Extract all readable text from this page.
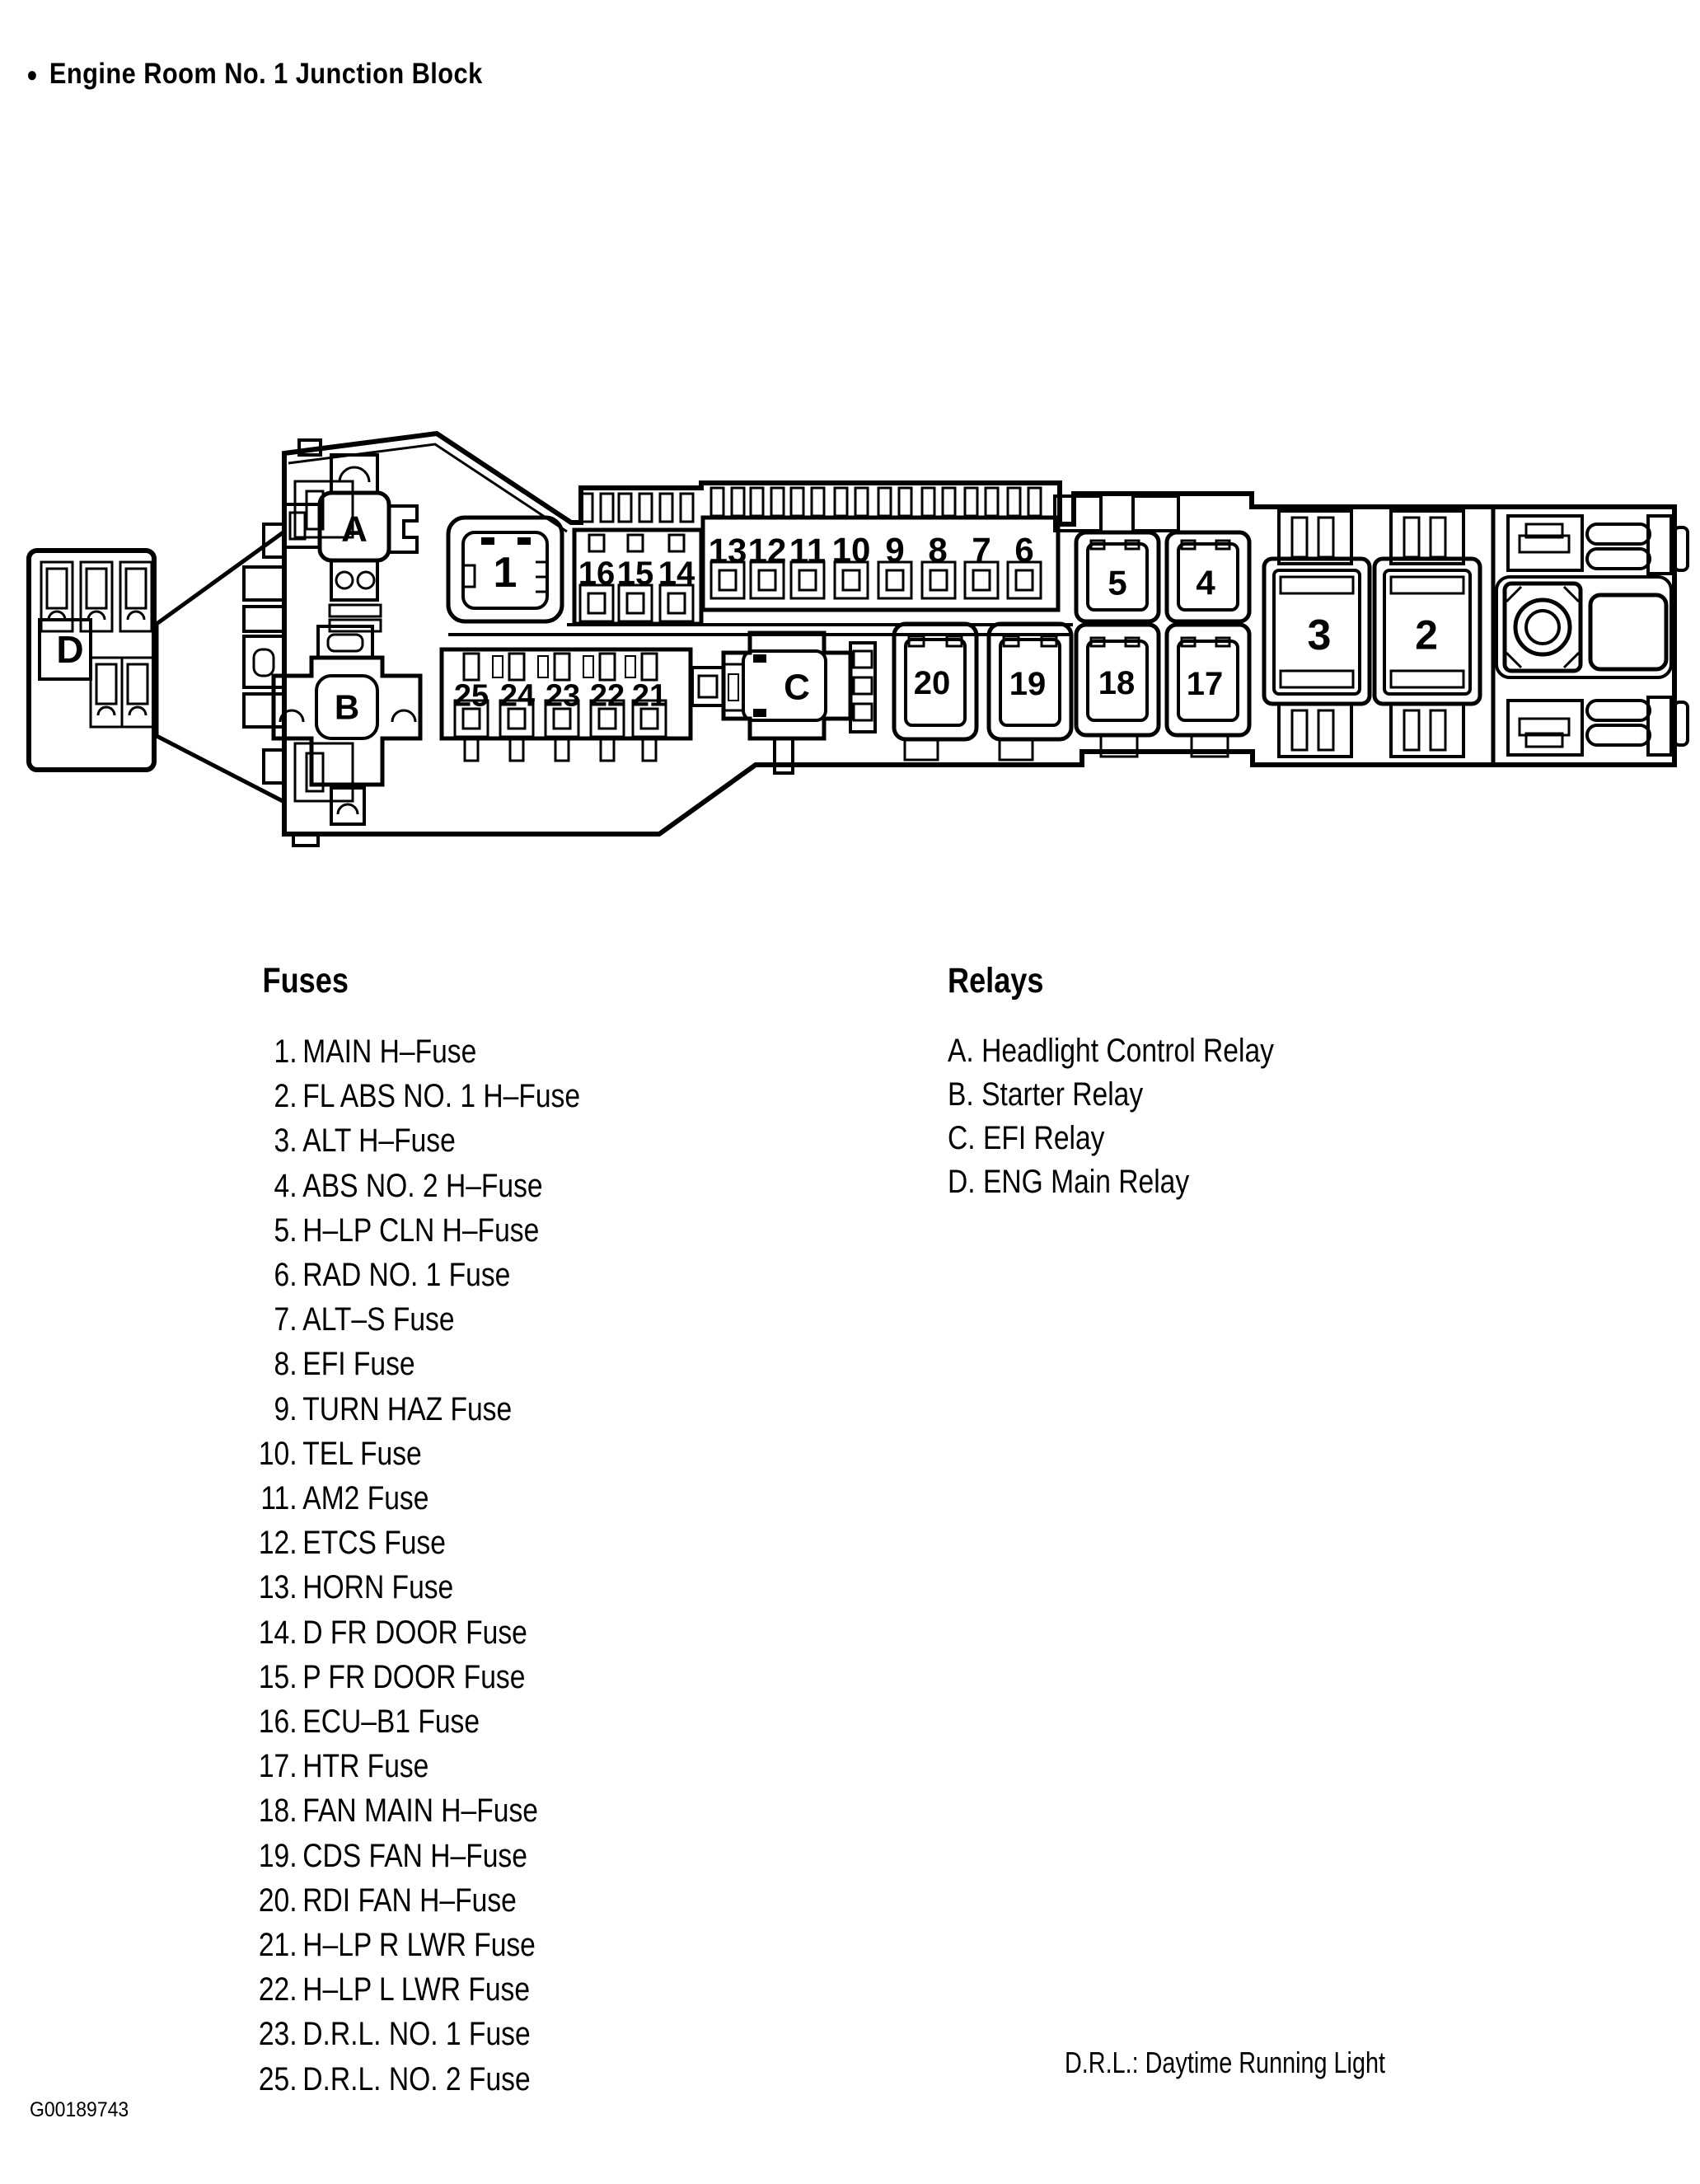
● Engine Room No. 1 Junction Block
1
2
3
4
5
6
7
8
9
10
11
12
13
14
15
16
17
18
19
20
21
22
23
24
25
A
B	C
D
Fuses
1. MAIN H–Fuse
2. FL ABS NO. 1 H–Fuse
3. ALT H–Fuse
4. ABS NO. 2 H–Fuse
5. H–LP CLN H–Fuse
6. RAD NO. 1 Fuse
7. ALT–S Fuse
8. EFI Fuse
9. TURN HAZ Fuse
10. TEL Fuse
11. AM2 Fuse
12. ETCS Fuse
13. HORN Fuse
14. D FR DOOR Fuse
15. P FR DOOR Fuse
16. ECU–B1 Fuse
17. HTR Fuse
18. FAN MAIN H–Fuse
19. CDS FAN H–Fuse
20. RDI FAN H–Fuse
21. H–LP R LWR Fuse
22. H–LP L LWR Fuse
23. D.R.L. NO. 1 Fuse
25. D.R.L. NO. 2 Fuse
Relays
A. Headlight Control Relay
B. Starter Relay
C. EFI Relay
D. ENG Main Relay
D.R.L.: Daytime Running Light
G00189743
